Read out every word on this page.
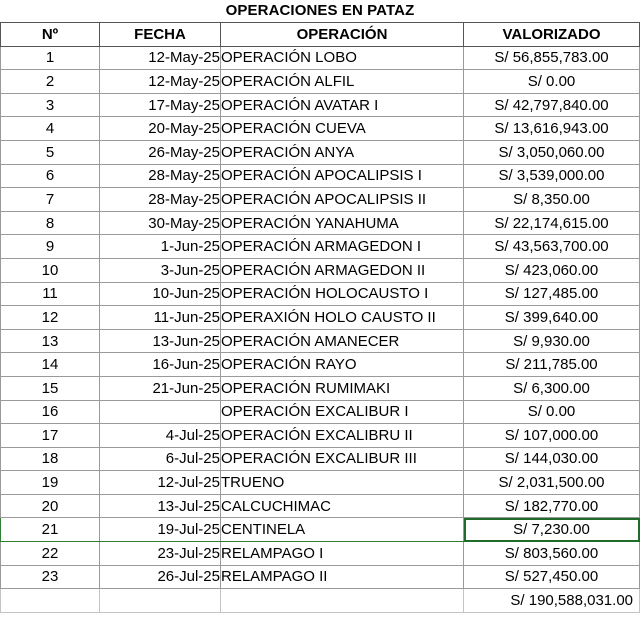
OPERACIONES EN PATAZ
Nº	FECHA	OPERACIÓN	VALORIZADO
1	12-May-25	OPERACIÓN LOBO	S/ 56,855,783.00
2	12-May-25	OPERACIÓN ALFIL	S/ 0.00
3	17-May-25	OPERACIÓN AVATAR I	S/ 42,797,840.00
4	20-May-25	OPERACIÓN CUEVA	S/ 13,616,943.00
5	26-May-25	OPERACIÓN ANYA	S/ 3,050,060.00
6	28-May-25	OPERACIÓN APOCALIPSIS I	S/ 3,539,000.00
7	28-May-25	OPERACIÓN APOCALIPSIS II	S/ 8,350.00
8	30-May-25	OPERACIÓN YANAHUMA	S/ 22,174,615.00
9	1-Jun-25	OPERACIÓN ARMAGEDON I	S/ 43,563,700.00
10	3-Jun-25	OPERACIÓN ARMAGEDON II	S/ 423,060.00
11	10-Jun-25	OPERACIÓN HOLOCAUSTO I	S/ 127,485.00
12	11-Jun-25	OPERAXIÓN HOLO CAUSTO II	S/ 399,640.00
13	13-Jun-25	OPERACIÓN AMANECER	S/ 9,930.00
14	16-Jun-25	OPERACIÓN RAYO	S/ 211,785.00
15	21-Jun-25	OPERACIÓN RUMIMAKI	S/ 6,300.00
16		OPERACIÓN EXCALIBUR I	S/ 0.00
17	4-Jul-25	OPERACIÓN EXCALIBRU II	S/ 107,000.00
18	6-Jul-25	OPERACIÓN EXCALIBUR III	S/ 144,030.00
19	12-Jul-25	TRUENO	S/ 2,031,500.00
20	13-Jul-25	CALCUCHIMAC	S/ 182,770.00
21	19-Jul-25	CENTINELA	S/ 7,230.00
22	23-Jul-25	RELAMPAGO I	S/ 803,560.00
23	26-Jul-25	RELAMPAGO II	S/ 527,450.00
			S/ 190,588,031.00
